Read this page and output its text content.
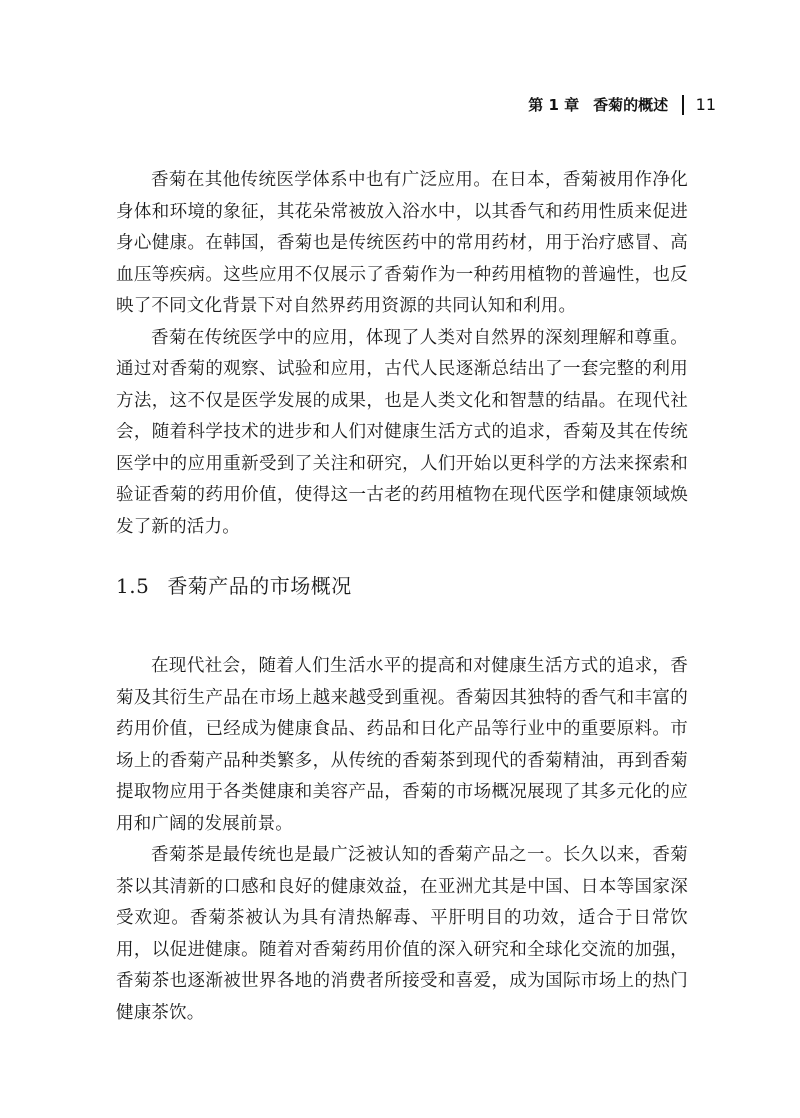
第 1 章 香菊的概述 11

香菊在其他传统医学体系中也有广泛应用。在日本，香菊被用作净化身体和环境的象征，其花朵常被放入浴水中，以其香气和药用性质来促进身心健康。在韩国，香菊也是传统医药中的常用药材，用于治疗感冒、高血压等疾病。这些应用不仅展示了香菊作为一种药用植物的普遍性，也反映了不同文化背景下对自然界药用资源的共同认知和利用。

香菊在传统医学中的应用，体现了人类对自然界的深刻理解和尊重。通过对香菊的观察、试验和应用，古代人民逐渐总结出了一套完整的利用方法，这不仅是医学发展的成果，也是人类文化和智慧的结晶。在现代社会，随着科学技术的进步和人们对健康生活方式的追求，香菊及其在传统医学中的应用重新受到了关注和研究，人们开始以更科学的方法来探索和验证香菊的药用价值，使得这一古老的药用植物在现代医学和健康领域焕发了新的活力。

1.5 香菊产品的市场概况

在现代社会，随着人们生活水平的提高和对健康生活方式的追求，香菊及其衍生产品在市场上越来越受到重视。香菊因其独特的香气和丰富的药用价值，已经成为健康食品、药品和日化产品等行业中的重要原料。市场上的香菊产品种类繁多，从传统的香菊茶到现代的香菊精油，再到香菊提取物应用于各类健康和美容产品，香菊的市场概况展现了其多元化的应用和广阔的发展前景。

香菊茶是最传统也是最广泛被认知的香菊产品之一。长久以来，香菊茶以其清新的口感和良好的健康效益，在亚洲尤其是中国、日本等国家深受欢迎。香菊茶被认为具有清热解毒、平肝明目的功效，适合于日常饮用，以促进健康。随着对香菊药用价值的深入研究和全球化交流的加强，香菊茶也逐渐被世界各地的消费者所接受和喜爱，成为国际市场上的热门健康茶饮。
